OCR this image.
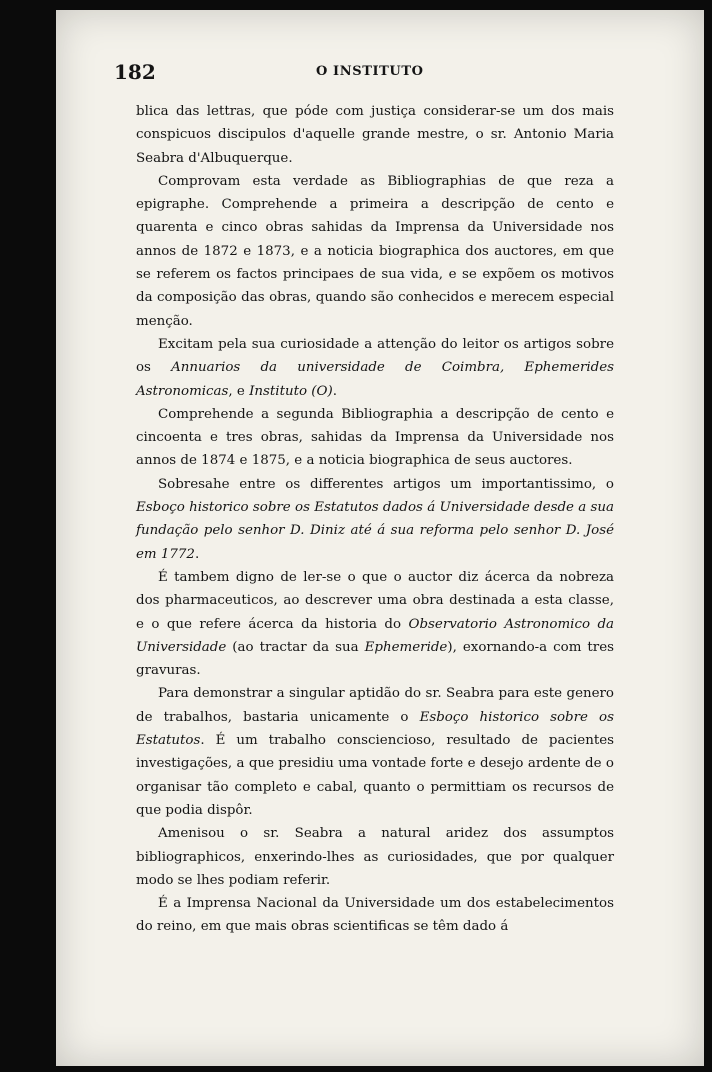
182	O INSTITUTO

blica das lettras, que póde com justiça considerar-se um dos mais conspicuos discipulos d'aquelle grande mestre, o sr. Antonio Maria Seabra d'Albuquerque.

Comprovam esta verdade as Bibliographias de que reza a epigraphe. Comprehende a primeira a descripção de cento e quarenta e cinco obras sahidas da Imprensa da Universidade nos annos de 1872 e 1873, e a noticia biographica dos auctores, em que se referem os factos principaes de sua vida, e se expõem os motivos da composição das obras, quando são conhecidos e merecem especial menção.

Excitam pela sua curiosidade a attenção do leitor os artigos sobre os Annuarios da universidade de Coimbra, Ephemerides Astronomicas, e Instituto (O).

Comprehende a segunda Bibliographia a descripção de cento e cincoenta e tres obras, sahidas da Imprensa da Universidade nos annos de 1874 e 1875, e a noticia biographica de seus auctores.

Sobresahe entre os differentes artigos um importantissimo, o Esboço historico sobre os Estatutos dados á Universidade desde a sua fundação pelo senhor D. Diniz até á sua reforma pelo senhor D. José em 1772.

É tambem digno de ler-se o que o auctor diz ácerca da nobreza dos pharmaceuticos, ao descrever uma obra destinada a esta classe, e o que refere ácerca da historia do Observatorio Astronomico da Universidade (ao tractar da sua Ephemeride), exornando-a com tres gravuras.

Para demonstrar a singular aptidão do sr. Seabra para este genero de trabalhos, bastaria unicamente o Esboço historico sobre os Estatutos. É um trabalho consciencioso, resultado de pacientes investigações, a que presidiu uma vontade forte e desejo ardente de o organisar tão completo e cabal, quanto o permittiam os recursos de que podia dispôr.

Amenisou o sr. Seabra a natural aridez dos assumptos bibliographicos, enxerindo-lhes as curiosidades, que por qualquer modo se lhes podiam referir.

É a Imprensa Nacional da Universidade um dos estabelecimentos do reino, em que mais obras scientificas se têm dado á
